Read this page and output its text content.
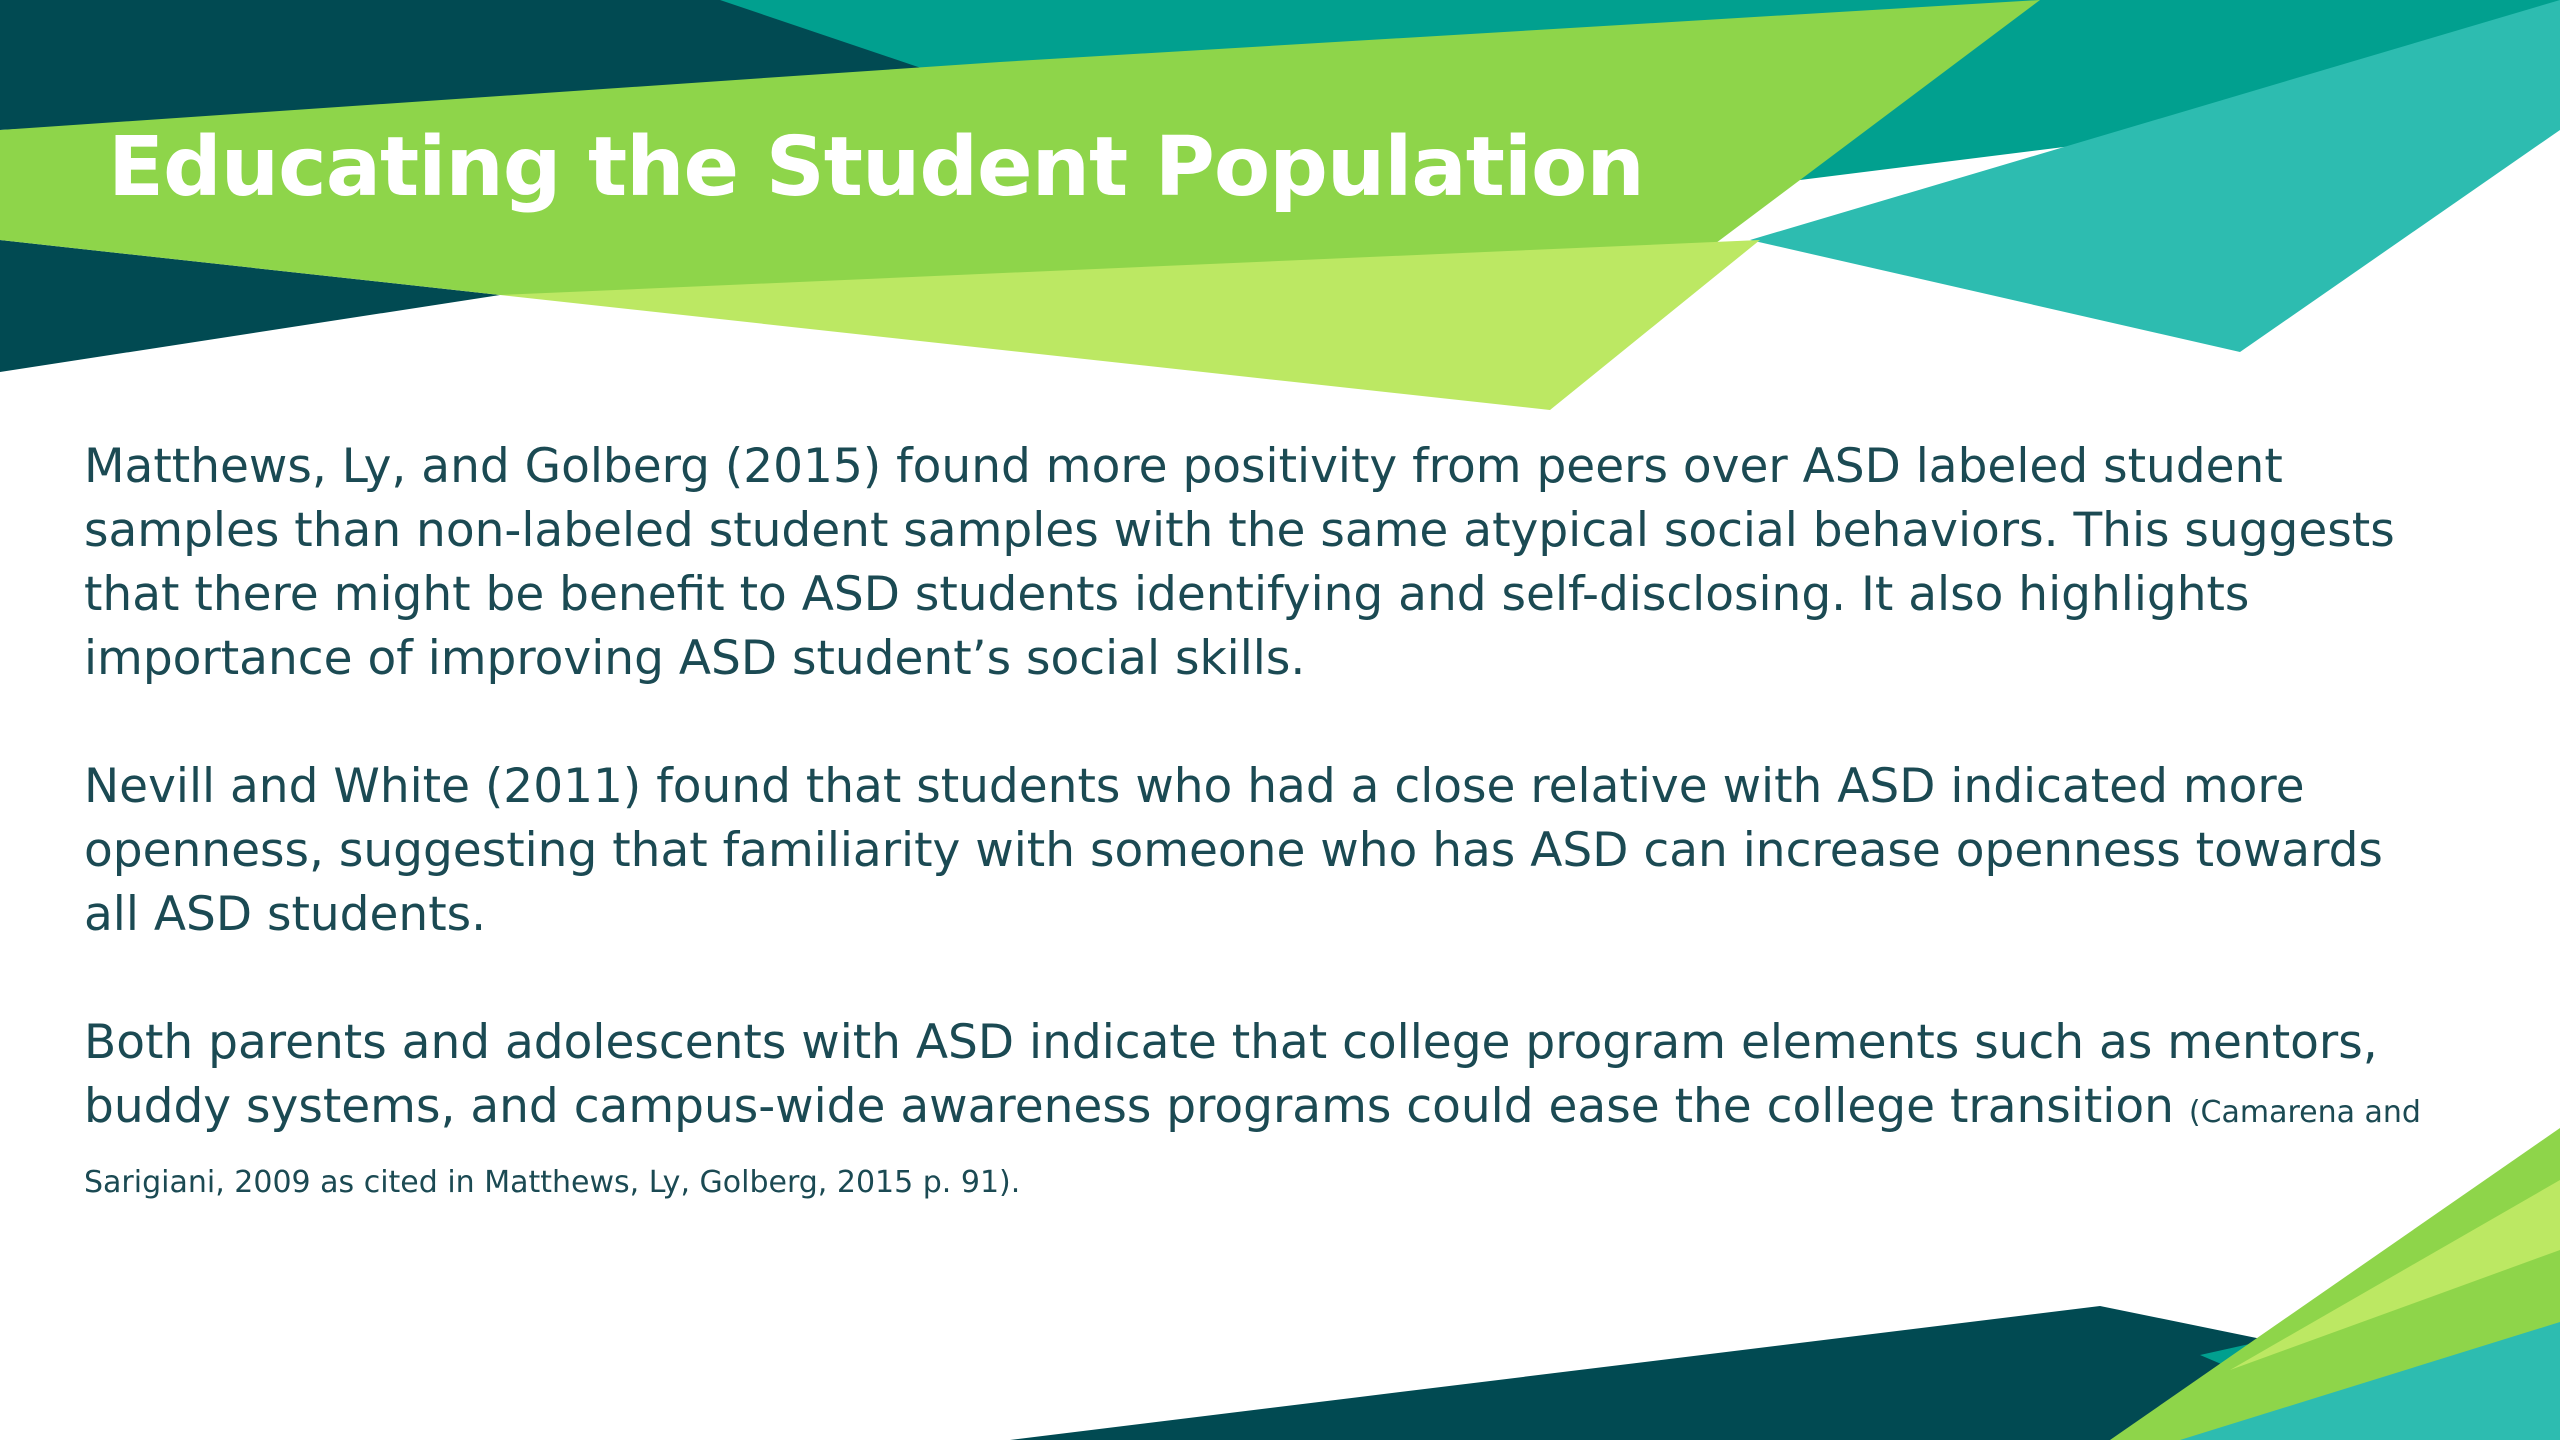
Educating the Student Population

Matthews, Ly, and Golberg (2015) found more positivity from peers over ASD labeled student samples than non-labeled student samples with the same atypical social behaviors. This suggests that there might be benefit to ASD students identifying and self-disclosing. It also highlights importance of improving ASD student’s social skills.

Nevill and White (2011) found that students who had a close relative with ASD indicated more openness, suggesting that familiarity with someone who has ASD can increase openness towards all ASD students.

Both parents and adolescents with ASD indicate that college program elements such as mentors, buddy systems, and campus-wide awareness programs could ease the college transition (Camarena and Sarigiani, 2009 as cited in Matthews, Ly, Golberg, 2015 p. 91).
